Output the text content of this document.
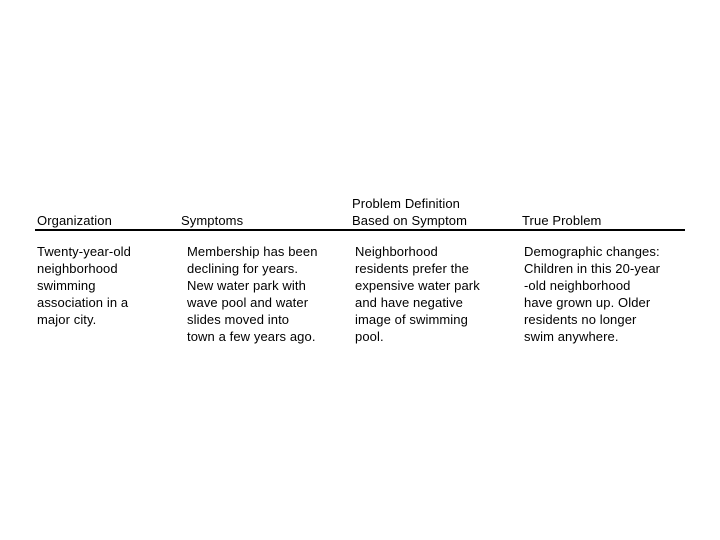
Organization	Symptoms

Problem Definition

Based on Symptom	True Problem

Twenty-year-old
neighborhood
swimming
association in a
major city.

Membership has been
declining for years.
New water park with
wave pool and water
slides moved into
town a few years ago.

Neighborhood
residents prefer the
expensive water park
and have negative
image of swimming
pool.

Demographic changes:
Children in this 20-year
-old neighborhood
have grown up. Older
residents no longer
swim anywhere.
